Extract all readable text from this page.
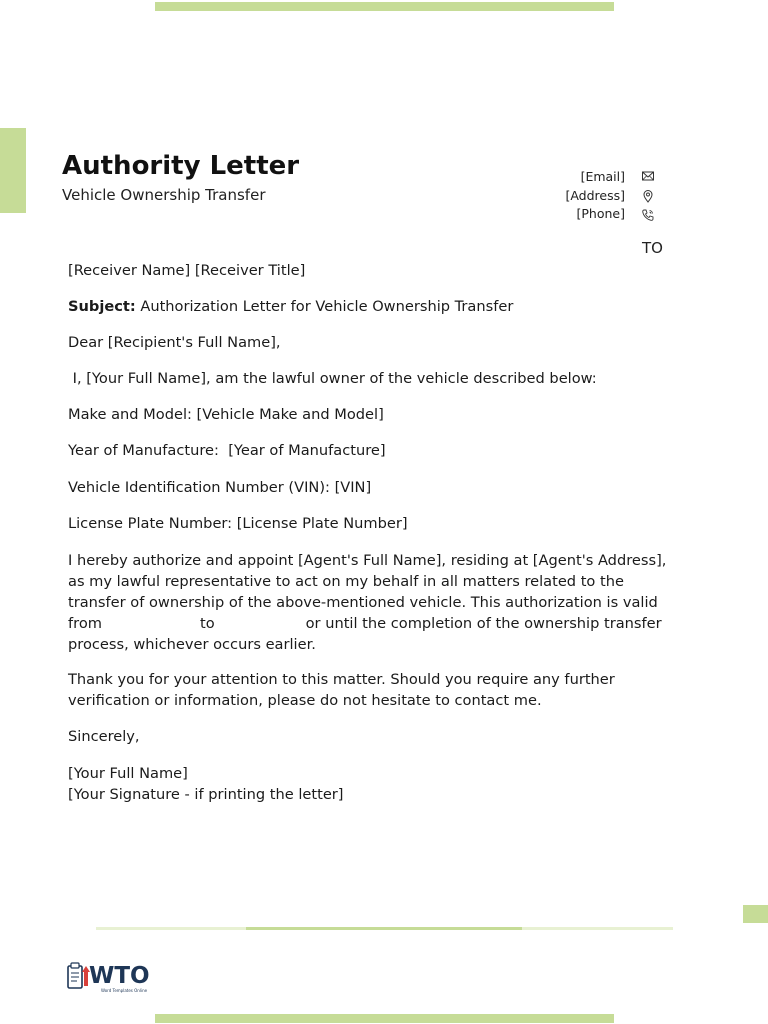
Authority Letter
Vehicle Ownership Transfer
[Email]
[Address]
[Phone]
TO

[Receiver Name] [Receiver Title]

Subject: Authorization Letter for Vehicle Ownership Transfer

Dear [Recipient's Full Name],

I, [Your Full Name], am the lawful owner of the vehicle described below:

Make and Model: [Vehicle Make and Model]

Year of Manufacture:  [Year of Manufacture]

Vehicle Identification Number (VIN): [VIN]

License Plate Number: [License Plate Number]

I hereby authorize and appoint [Agent's Full Name], residing at [Agent's Address],

as my lawful representative to act on my behalf in all matters related to the

transfer of ownership of the above-mentioned vehicle. This authorization is valid

from	to	or until the completion of the ownership transfer

process, whichever occurs earlier.

Thank you for your attention to this matter. Should you require any further

verification or information, please do not hesitate to contact me.

Sincerely,

[Your Full Name]

[Your Signature - if printing the letter]

WTO
Word Templates Online
